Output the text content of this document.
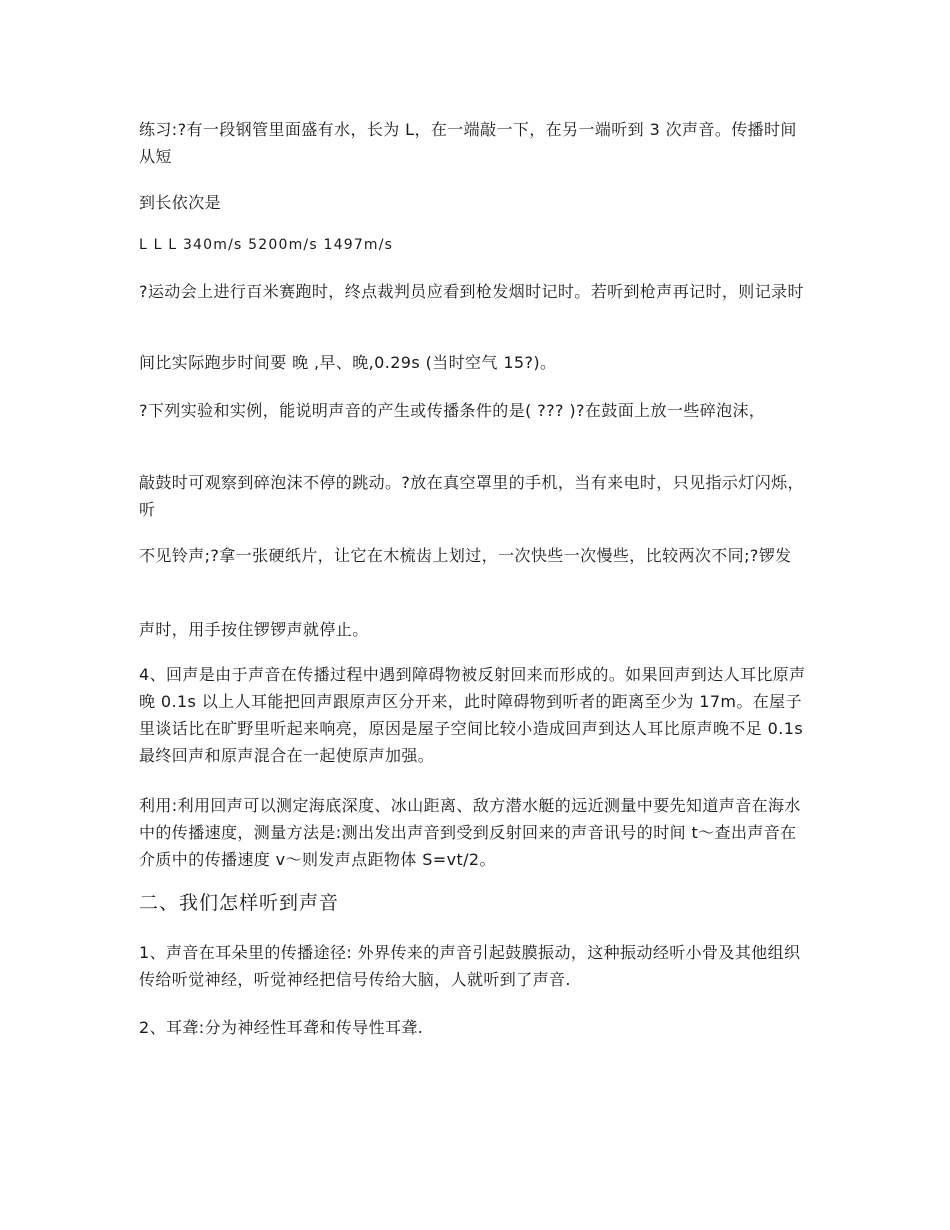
练习:?有一段钢管里面盛有水，长为 L，在一端敲一下，在另一端听到 3 次声音。传播时间从短

到长依次是

L L L 340m/s 5200m/s 1497m/s

?运动会上进行百米赛跑时，终点裁判员应看到枪发烟时记时。若听到枪声再记时，则记录时

间比实际跑步时间要 晚 ,早、晚,0.29s (当时空气 15?)。

?下列实验和实例，能说明声音的产生或传播条件的是( ??? )?在鼓面上放一些碎泡沫，

敲鼓时可观察到碎泡沫不停的跳动。?放在真空罩里的手机，当有来电时，只见指示灯闪烁，听

不见铃声;?拿一张硬纸片，让它在木梳齿上划过，一次快些一次慢些，比较两次不同;?锣发

声时，用手按住锣锣声就停止。

4、回声是由于声音在传播过程中遇到障碍物被反射回来而形成的。如果回声到达人耳比原声晚 0.1s 以上人耳能把回声跟原声区分开来，此时障碍物到听者的距离至少为 17m。在屋子里谈话比在旷野里听起来响亮，原因是屋子空间比较小造成回声到达人耳比原声晚不足 0.1s 最终回声和原声混合在一起使原声加强。

利用:利用回声可以测定海底深度、冰山距离、敌方潜水艇的远近测量中要先知道声音在海水中的传播速度，测量方法是:测出发出声音到受到反射回来的声音讯号的时间 t～查出声音在介质中的传播速度 v～则发声点距物体 S=vt/2。

二、我们怎样听到声音

1、声音在耳朵里的传播途径: 外界传来的声音引起鼓膜振动，这种振动经听小骨及其他组织传给听觉神经，听觉神经把信号传给大脑，人就听到了声音.

2、耳聋:分为神经性耳聋和传导性耳聋.
